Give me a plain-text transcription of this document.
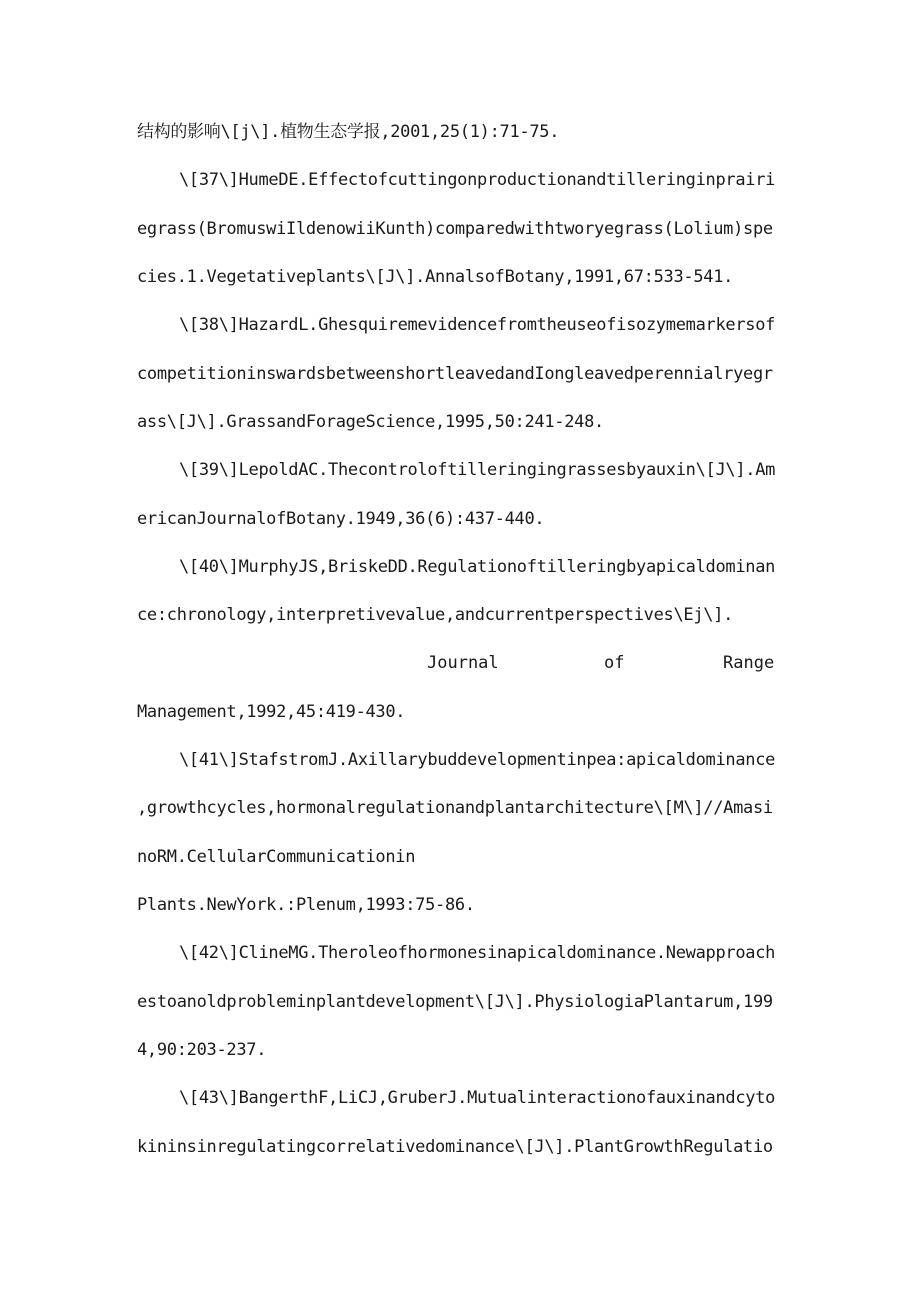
结构的影响\[j\].植物生态学报,2001,25(1):71-75.
\[37\]HumeDE.Effectofcuttingonproductionandtilleringinprairi
egrass(BromuswiIldenowiiKunth)comparedwithtworyegrass(Lolium)spe
cies.1.Vegetativeplants\[J\].AnnalsofBotany,1991,67:533-541.
\[38\]HazardL.Ghesquiremevidencefromtheuseofisozymemarkersof
competitioninswardsbetweenshortleavedandIongleavedperennialryegr
ass\[J\].GrassandForageScience,1995,50:241-248.
\[39\]LepoldAC.Thecontroloftilleringingrassesbyauxin\[J\].Am
ericanJournalofBotany.1949,36(6):437-440.
\[40\]MurphyJS,BriskeDD.Regulationoftilleringbyapicaldominan
ce:chronology,interpretivevalue,andcurrentperspectives\Ej\].
Journal	of	Range
Management,1992,45:419-430.
\[41\]StafstromJ.Axillarybuddevelopmentinpea:apicaldominance
,growthcycles,hormonalregulationandplantarchitecture\[M\]//Amasi
noRM.CellularCommunicationin
Plants.NewYork.:Plenum,1993:75-86.
\[42\]ClineMG.Theroleofhormonesinapicaldominance.Newapproach
estoanoldprobleminplantdevelopment\[J\].PhysiologiaPlantarum,199
4,90:203-237.
\[43\]BangerthF,LiCJ,GruberJ.Mutualinteractionofauxinandcyto
kininsinregulatingcorrelativedominance\[J\].PlantGrowthRegulatio
